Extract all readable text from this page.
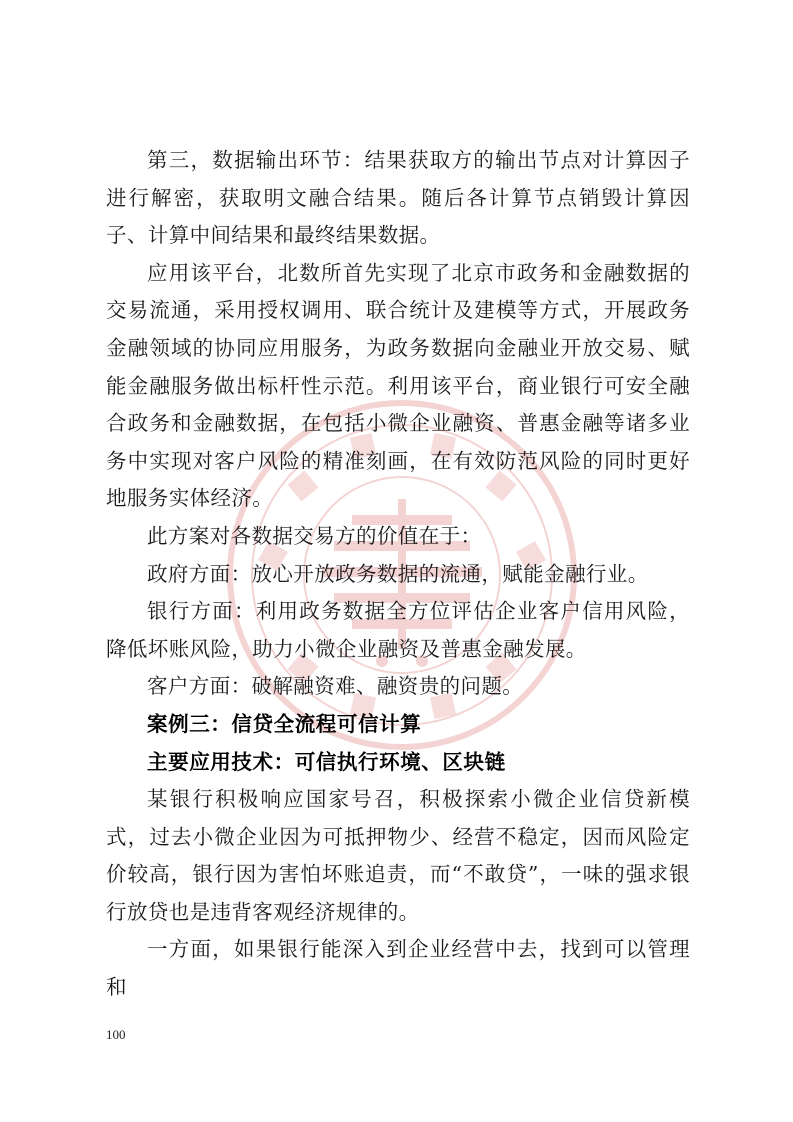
第三，数据输出环节：结果获取方的输出节点对计算因子进行解密，获取明文融合结果。随后各计算节点销毁计算因子、计算中间结果和最终结果数据。

应用该平台，北数所首先实现了北京市政务和金融数据的交易流通，采用授权调用、联合统计及建模等方式，开展政务金融领域的协同应用服务，为政务数据向金融业开放交易、赋能金融服务做出标杆性示范。利用该平台，商业银行可安全融合政务和金融数据，在包括小微企业融资、普惠金融等诸多业务中实现对客户风险的精准刻画，在有效防范风险的同时更好地服务实体经济。

此方案对各数据交易方的价值在于：

政府方面：放心开放政务数据的流通，赋能金融行业。

银行方面：利用政务数据全方位评估企业客户信用风险，降低坏账风险，助力小微企业融资及普惠金融发展。

客户方面：破解融资难、融资贵的问题。

案例三：信贷全流程可信计算

主要应用技术：可信执行环境、区块链

某银行积极响应国家号召，积极探索小微企业信贷新模式，过去小微企业因为可抵押物少、经营不稳定，因而风险定价较高，银行因为害怕坏账追责，而“不敢贷”，一味的强求银行放贷也是违背客观经济规律的。

一方面，如果银行能深入到企业经营中去，找到可以管理和

100
